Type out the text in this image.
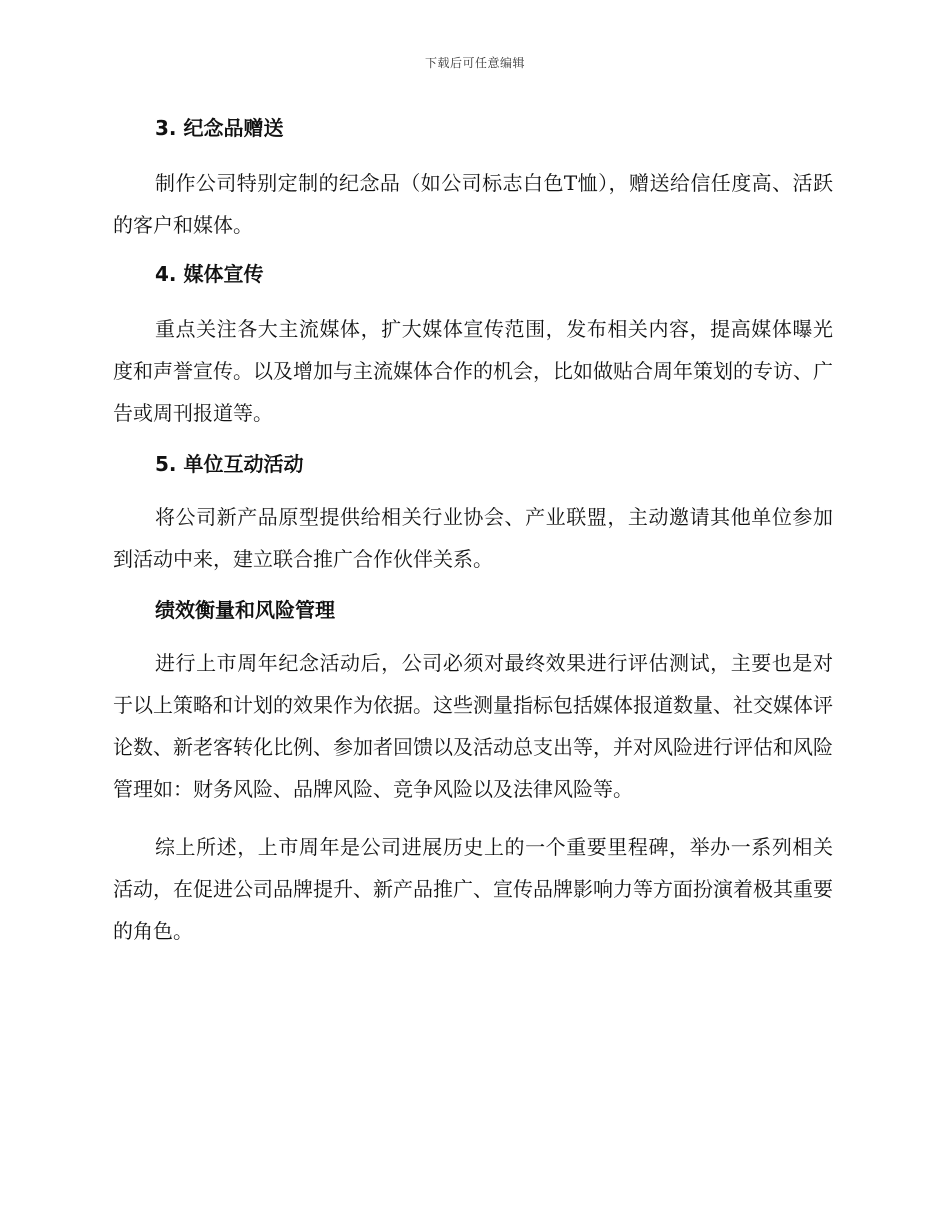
下载后可任意编辑
3. 纪念品赠送

制作公司特别定制的纪念品（如公司标志白色T恤），赠送给信任度高、活跃的客户和媒体。

4. 媒体宣传

重点关注各大主流媒体，扩大媒体宣传范围，发布相关内容，提高媒体曝光度和声誉宣传。以及增加与主流媒体合作的机会，比如做贴合周年策划的专访、广告或周刊报道等。

5. 单位互动活动

将公司新产品原型提供给相关行业协会、产业联盟，主动邀请其他单位参加到活动中来，建立联合推广合作伙伴关系。

绩效衡量和风险管理

进行上市周年纪念活动后，公司必须对最终效果进行评估测试，主要也是对于以上策略和计划的效果作为依据。这些测量指标包括媒体报道数量、社交媒体评论数、新老客转化比例、参加者回馈以及活动总支出等，并对风险进行评估和风险管理如：财务风险、品牌风险、竞争风险以及法律风险等。

综上所述，上市周年是公司进展历史上的一个重要里程碑，举办一系列相关活动，在促进公司品牌提升、新产品推广、宣传品牌影响力等方面扮演着极其重要的角色。
